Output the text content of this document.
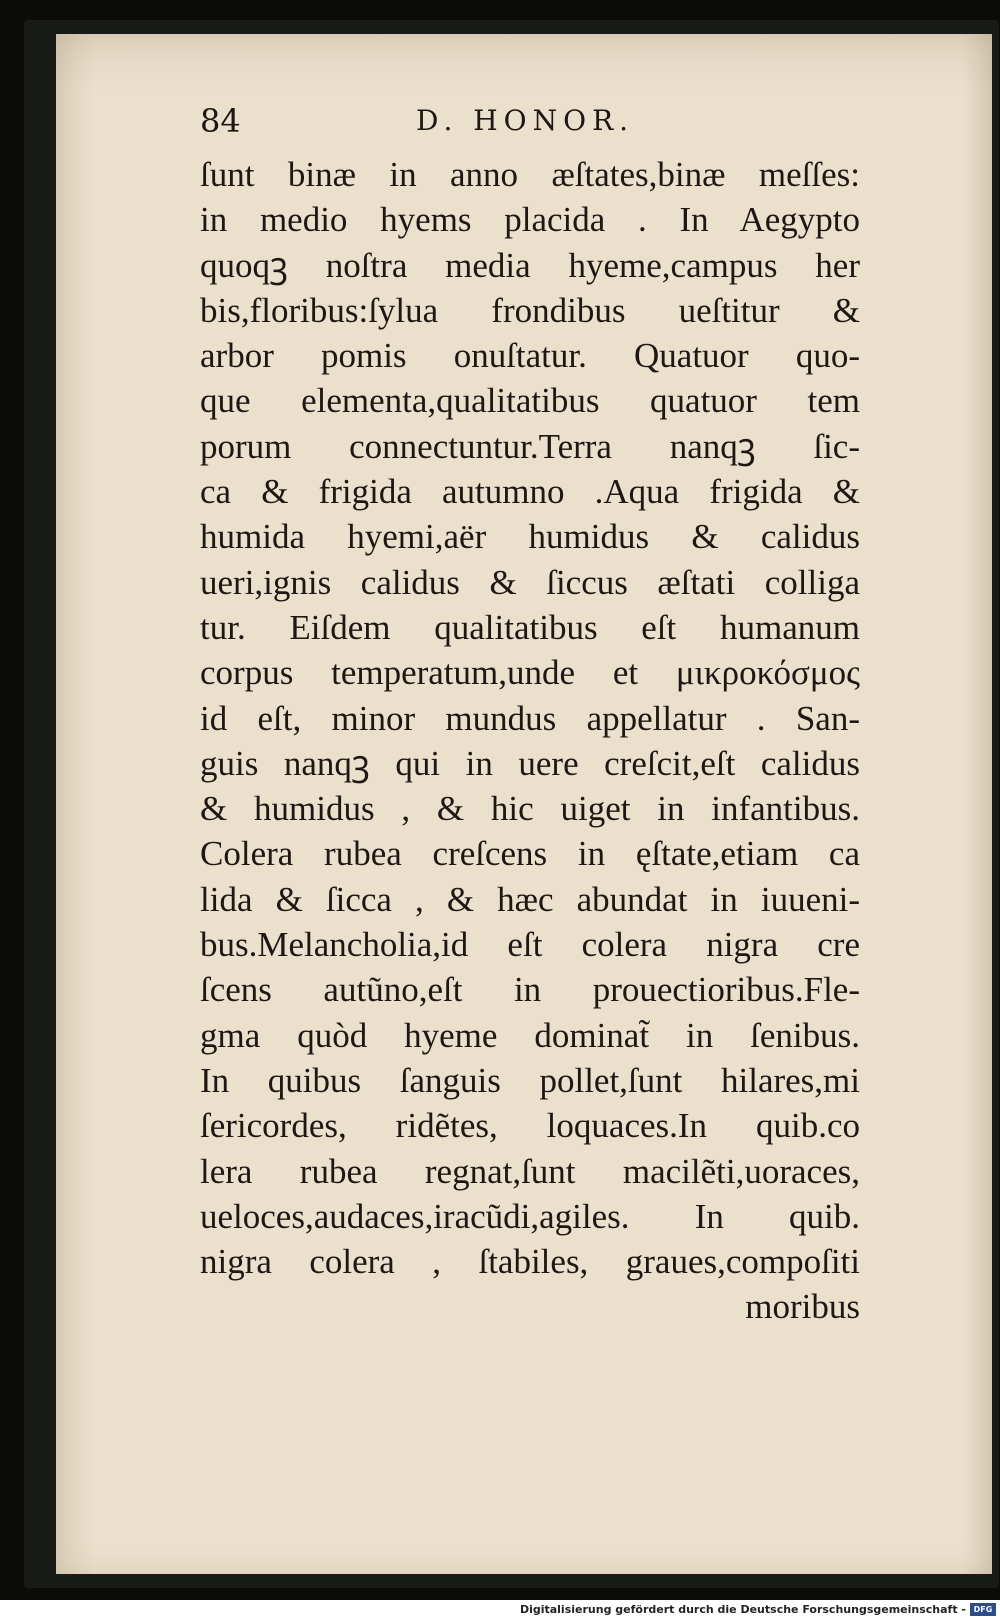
84	D. HONOR.
ſunt binæ in anno æſtates,binæ meſſes:
in medio hyems placida . In Aegypto
quoqꝫ noſtra media hyeme,campus her
bis,floribus:ſylua frondibus ueſtitur &
arbor pomis onuſtatur. Quatuor quo-
que elementa,qualitatibus quatuor tem
porum connectuntur.Terra nanqꝫ ſic-
ca & frigida autumno .Aqua frigida &
humida hyemi,aër humidus & calidus
ueri,ignis calidus & ſiccus æſtati colliga
tur. Eiſdem qualitatibus eſt humanum
corpus temperatum,unde et μικροκόσμος
id eſt, minor mundus appellatur . San-
guis nanqꝫ qui in uere creſcit,eſt calidus
& humidus , & hic uiget in infantibus.
Colera rubea creſcens in ęſtate,etiam ca
lida & ſicca , & hæc abundat in iuueni-
bus.Melancholia,id eſt colera nigra cre
ſcens autũno,eſt in prouectioribus.Fle-
gma quòd hyeme dominat̃ in ſenibus.
In quibus ſanguis pollet,ſunt hilares,mi
ſericordes, ridẽtes, loquaces.In quib.co
lera rubea regnat,ſunt macilẽti,uoraces,
ueloces,audaces,iracũdi,agiles. In quib.
nigra colera , ſtabiles, graues,compoſiti
moribus
Digitalisierung gefördert durch die Deutsche Forschungsgemeinschaft - DFG
